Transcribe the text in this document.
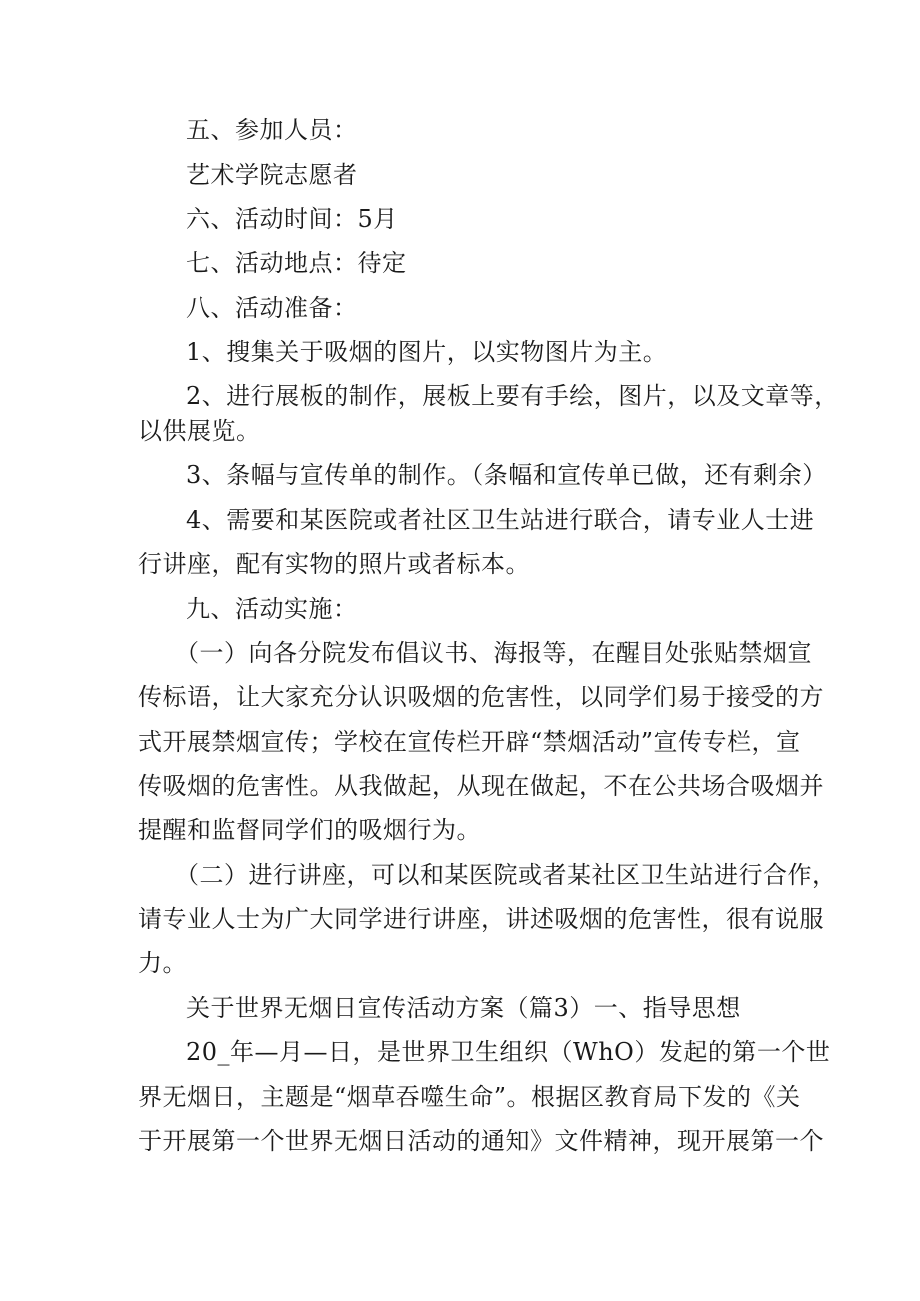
五、参加人员：
艺术学院志愿者
六、活动时间：5月
七、活动地点：待定
八、活动准备：
1、搜集关于吸烟的图片，以实物图片为主。
2、进行展板的制作，展板上要有手绘，图片，以及文章等，
以供展览。
3、条幅与宣传单的制作。（条幅和宣传单已做，还有剩余）
4、需要和某医院或者社区卫生站进行联合，请专业人士进
行讲座，配有实物的照片或者标本。
九、活动实施：
（一）向各分院发布倡议书、海报等，在醒目处张贴禁烟宣
传标语，让大家充分认识吸烟的危害性，以同学们易于接受的方
式开展禁烟宣传；学校在宣传栏开辟“禁烟活动”宣传专栏，宣
传吸烟的危害性。从我做起，从现在做起，不在公共场合吸烟并
提醒和监督同学们的吸烟行为。
（二）进行讲座，可以和某医院或者某社区卫生站进行合作，
请专业人士为广大同学进行讲座，讲述吸烟的危害性，很有说服
力。
关于世界无烟日宣传活动方案（篇3）一、指导思想
20_年—月—日，是世界卫生组织（WhO）发起的第一个世
界无烟日，主题是“烟草吞噬生命”。根据区教育局下发的《关
于开展第一个世界无烟日活动的通知》文件精神，现开展第一个
